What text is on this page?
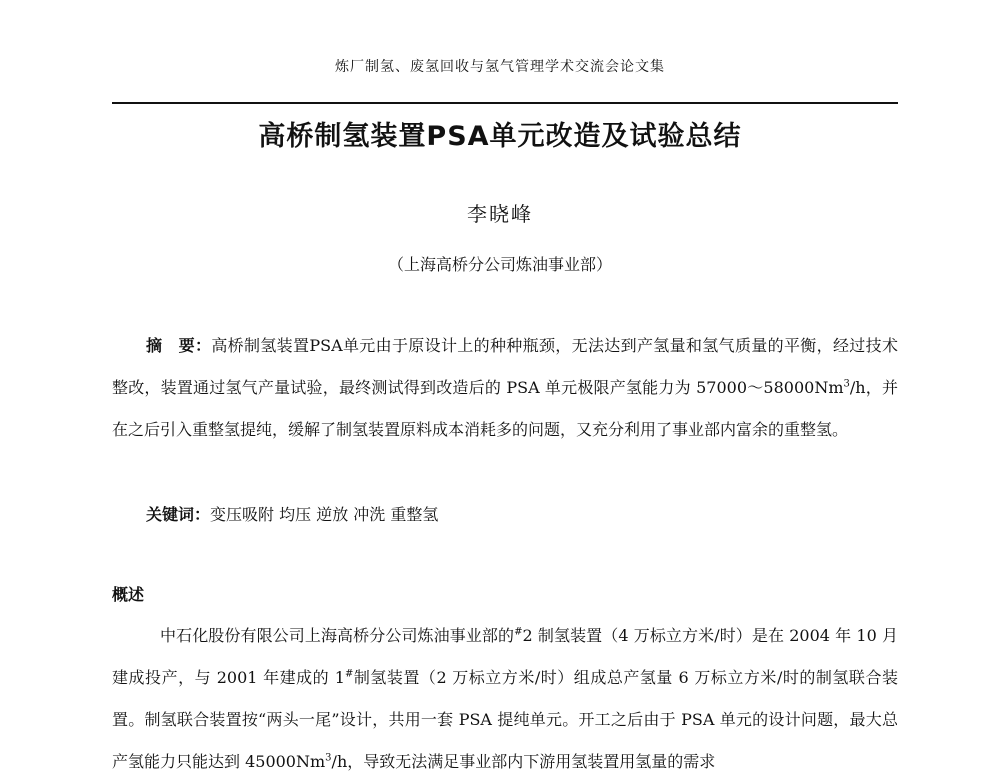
炼厂制氢、废氢回收与氢气管理学术交流会论文集
高桥制氢装置PSA单元改造及试验总结
李晓峰
（上海高桥分公司炼油事业部）

摘　要：高桥制氢装置PSA单元由于原设计上的种种瓶颈，无法达到产氢量和氢气质量的平衡，经过技术整改，装置通过氢气产量试验，最终测试得到改造后的 PSA 单元极限产氢能力为 57000～58000Nm$^3$/h，并在之后引入重整氢提纯，缓解了制氢装置原料成本消耗多的问题，又充分利用了事业部内富余的重整氢。

关键词：变压吸附 均压 逆放 冲洗 重整氢

概述

中石化股份有限公司上海高桥分公司炼油事业部的#2 制氢装置（4 万标立方米/时）是在 2004 年 10 月建成投产，与 2001 年建成的 1#制氢装置（2 万标立方米/时）组成总产氢量 6 万标立方米/时的制氢联合装置。制氢联合装置按“两头一尾”设计，共用一套 PSA 提纯单元。开工之后由于 PSA 单元的设计问题，最大总产氢能力只能达到 45000Nm$^3$/h，导致无法满足事业部内下游用氢装置用氢量的需求
